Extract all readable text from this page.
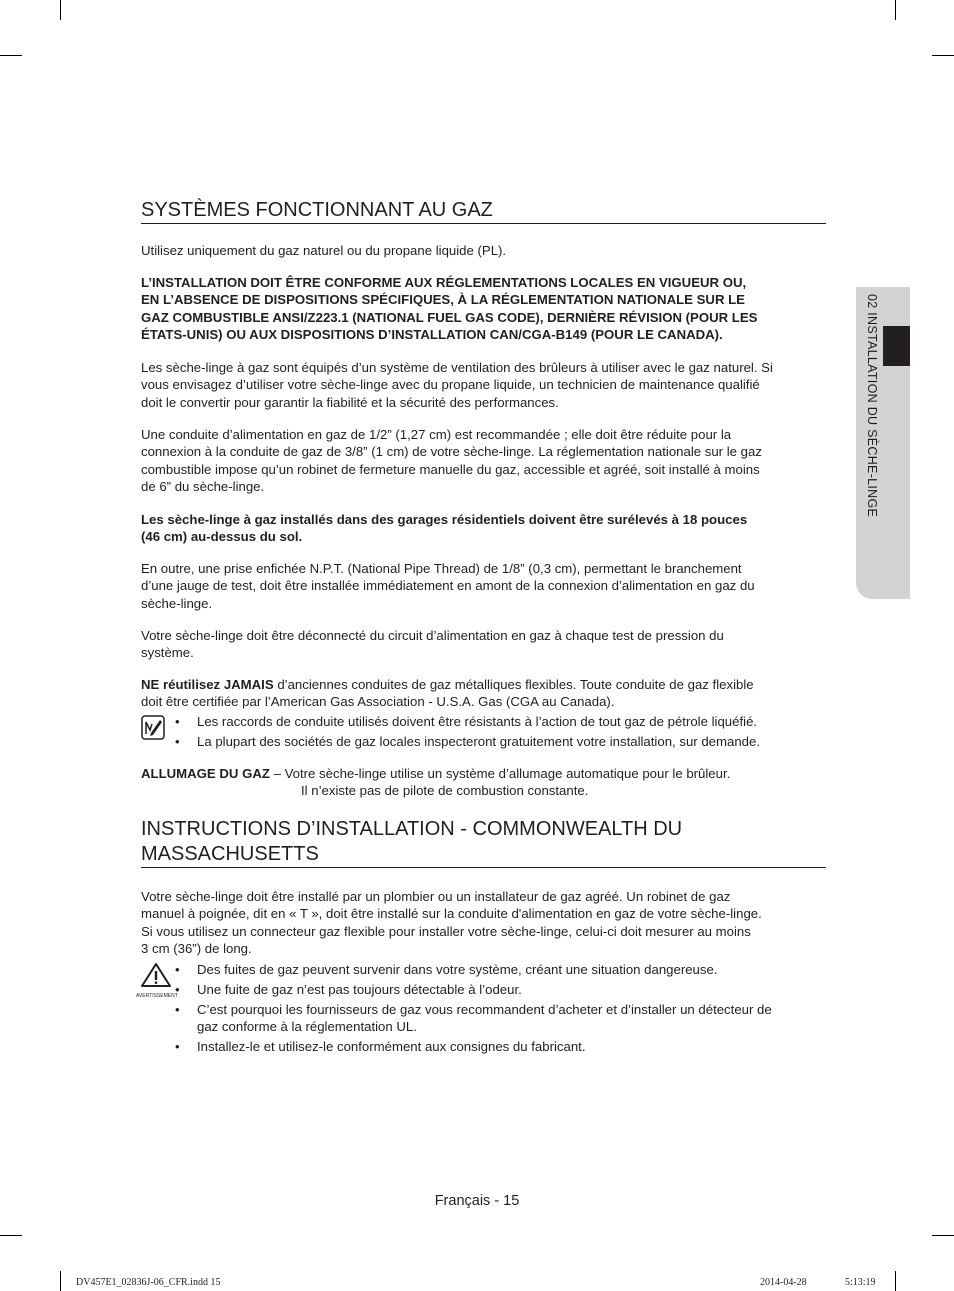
02 INSTALLATION DU SÈCHE-LINGE
SYSTÈMES FONCTIONNANT AU GAZ
Utilisez uniquement du gaz naturel ou du propane liquide (PL).
L’INSTALLATION DOIT ÊTRE CONFORME AUX RÉGLEMENTATIONS LOCALES EN VIGUEUR OU,
EN L’ABSENCE DE DISPOSITIONS SPÉCIFIQUES, À LA RÉGLEMENTATION NATIONALE SUR LE
GAZ COMBUSTIBLE ANSI/Z223.1 (NATIONAL FUEL GAS CODE), DERNIÈRE RÉVISION (POUR LES
ÉTATS-UNIS) OU AUX DISPOSITIONS D’INSTALLATION CAN/CGA-B149 (POUR LE CANADA).
Les sèche-linge à gaz sont équipés d’un système de ventilation des brûleurs à utiliser avec le gaz naturel. Si
vous envisagez d’utiliser votre sèche-linge avec du propane liquide, un technicien de maintenance qualifié
doit le convertir pour garantir la fiabilité et la sécurité des performances.
Une conduite d’alimentation en gaz de 1/2” (1,27 cm) est recommandée ; elle doit être réduite pour la
connexion à la conduite de gaz de 3/8” (1 cm) de votre sèche-linge. La réglementation nationale sur le gaz
combustible impose qu’un robinet de fermeture manuelle du gaz, accessible et agréé, soit installé à moins
de 6” du sèche-linge.
Les sèche-linge à gaz installés dans des garages résidentiels doivent être surélevés à 18 pouces
(46 cm) au-dessus du sol.
En outre, une prise enfichée N.P.T. (National Pipe Thread) de 1/8” (0,3 cm), permettant le branchement
d’une jauge de test, doit être installée immédiatement en amont de la connexion d’alimentation en gaz du
sèche-linge.
Votre sèche-linge doit être déconnecté du circuit d’alimentation en gaz à chaque test de pression du
système.
NE réutilisez JAMAIS d’anciennes conduites de gaz métalliques flexibles. Toute conduite de gaz flexible
doit être certifiée par l’American Gas Association - U.S.A. Gas (CGA au Canada).
• Les raccords de conduite utilisés doivent être résistants à l’action de tout gaz de pétrole liquéfié.
• La plupart des sociétés de gaz locales inspecteront gratuitement votre installation, sur demande.
ALLUMAGE DU GAZ – Votre sèche-linge utilise un système d’allumage automatique pour le brûleur.
Il n’existe pas de pilote de combustion constante.
INSTRUCTIONS D’INSTALLATION - COMMONWEALTH DU
MASSACHUSETTS
Votre sèche-linge doit être installé par un plombier ou un installateur de gaz agréé. Un robinet de gaz
manuel à poignée, dit en « T », doit être installé sur la conduite d'alimentation en gaz de votre sèche-linge.
Si vous utilisez un connecteur gaz flexible pour installer votre sèche-linge, celui-ci doit mesurer au moins
3 cm (36”) de long.
AVERTISSEMENT
• Des fuites de gaz peuvent survenir dans votre système, créant une situation dangereuse.
• Une fuite de gaz n’est pas toujours détectable à l’odeur.
• C’est pourquoi les fournisseurs de gaz vous recommandent d’acheter et d’installer un détecteur de
gaz conforme à la réglementation UL.
• Installez-le et utilisez-le conformément aux consignes du fabricant.
Français - 15
DV457E1_02836J-06_CFR.indd 15	2014-04-28	5:13:19
